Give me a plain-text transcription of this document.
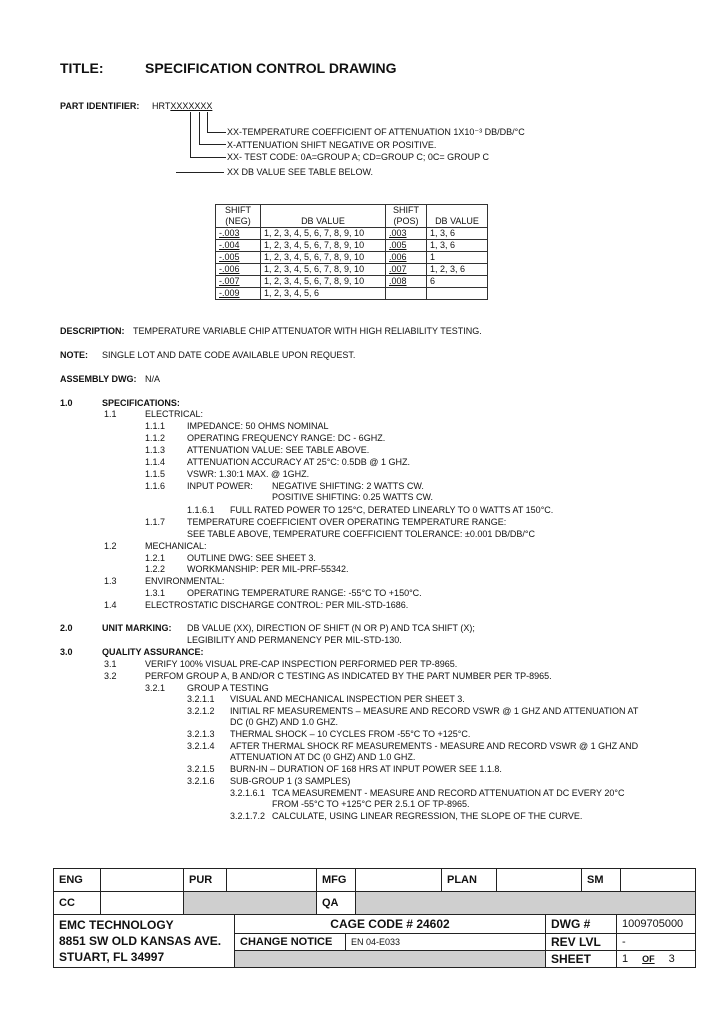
TITLE:	SPECIFICATION CONTROL DRAWING
PART IDENTIFIER: HRTXXXXXXX
XX-TEMPERATURE COEFFICIENT OF ATTENUATION 1X10⁻³ DB/DB/°C
X-ATTENUATION SHIFT NEGATIVE OR POSITIVE.
XX- TEST CODE: 0A=GROUP A; CD=GROUP C; 0C= GROUP C
XX DB VALUE SEE TABLE BELOW.
SHIFT (NEG)	DB VALUE	SHIFT (POS)	DB VALUE
-.003	1, 2, 3, 4, 5, 6, 7, 8, 9, 10	.003	1, 3, 6
-.004	1, 2, 3, 4, 5, 6, 7, 8, 9, 10	.005	1, 3, 6
-.005	1, 2, 3, 4, 5, 6, 7, 8, 9, 10	.006	1
-.006	1, 2, 3, 4, 5, 6, 7, 8, 9, 10	.007	1, 2, 3, 6
-.007	1, 2, 3, 4, 5, 6, 7, 8, 9, 10	.008	6
-.009	1, 2, 3, 4, 5, 6		
DESCRIPTION: TEMPERATURE VARIABLE CHIP ATTENUATOR WITH HIGH RELIABILITY TESTING.
NOTE: SINGLE LOT AND DATE CODE AVAILABLE UPON REQUEST.
ASSEMBLY DWG: N/A
1.0	SPECIFICATIONS:
1.1	ELECTRICAL:
1.1.1 IMPEDANCE: 50 OHMS NOMINAL
1.1.2 OPERATING FREQUENCY RANGE: DC - 6GHZ.
1.1.3 ATTENUATION VALUE: SEE TABLE ABOVE.
1.1.4 ATTENUATION ACCURACY AT 25°C: 0.5DB @ 1 GHZ.
1.1.5 VSWR: 1.30:1 MAX. @ 1GHZ.
1.1.6 INPUT POWER: NEGATIVE SHIFTING: 2 WATTS CW.
POSITIVE SHIFTING: 0.25 WATTS CW.
1.1.6.1 FULL RATED POWER TO 125°C, DERATED LINEARLY TO 0 WATTS AT 150°C.
1.1.7 TEMPERATURE COEFFICIENT OVER OPERATING TEMPERATURE RANGE:
SEE TABLE ABOVE, TEMPERATURE COEFFICIENT TOLERANCE: ±0.001 DB/DB/°C
1.2	MECHANICAL:
1.2.1 OUTLINE DWG: SEE SHEET 3.
1.2.2 WORKMANSHIP: PER MIL-PRF-55342.
1.3	ENVIRONMENTAL:
1.3.1 OPERATING TEMPERATURE RANGE: -55°C TO +150°C.
1.4	ELECTROSTATIC DISCHARGE CONTROL: PER MIL-STD-1686.
2.0	UNIT MARKING: DB VALUE (XX), DIRECTION OF SHIFT (N OR P) AND TCA SHIFT (X);
LEGIBILITY AND PERMANENCY PER MIL-STD-130.
3.0	QUALITY ASSURANCE:
3.1	VERIFY 100% VISUAL PRE-CAP INSPECTION PERFORMED PER TP-8965.
3.2	PERFOM GROUP A, B AND/OR C TESTING AS INDICATED BY THE PART NUMBER PER TP-8965.
3.2.1 GROUP A TESTING
3.2.1.1 VISUAL AND MECHANICAL INSPECTION PER SHEET 3.
3.2.1.2 INITIAL RF MEASUREMENTS – MEASURE AND RECORD VSWR @ 1 GHZ AND ATTENUATION AT
DC (0 GHZ) AND 1.0 GHZ.
3.2.1.3 THERMAL SHOCK – 10 CYCLES FROM -55°C TO +125°C.
3.2.1.4 AFTER THERMAL SHOCK RF MEASUREMENTS - MEASURE AND RECORD VSWR @ 1 GHZ AND
ATTENUATION AT DC (0 GHZ) AND 1.0 GHZ.
3.2.1.5 BURN-IN – DURATION OF 168 HRS AT INPUT POWER SEE 1.1.8.
3.2.1.6 SUB-GROUP 1 (3 SAMPLES)
3.2.1.6.1 TCA MEASUREMENT - MEASURE AND RECORD ATTENUATION AT DC EVERY 20°C
FROM -55°C TO +125°C PER 2.5.1 OF TP-8965.
3.2.1.7.2 CALCULATE, USING LINEAR REGRESSION, THE SLOPE OF THE CURVE.
ENG		PUR		MFG		PLAN		SM	
CC				QA					
EMC TECHNOLOGY
8851 SW OLD KANSAS AVE.
STUART, FL 34997	CAGE CODE # 24602		DWG #	1009705000
	CHANGE NOTICE	EN 04-E033	REV LVL	-
			SHEET	1 OF 3
